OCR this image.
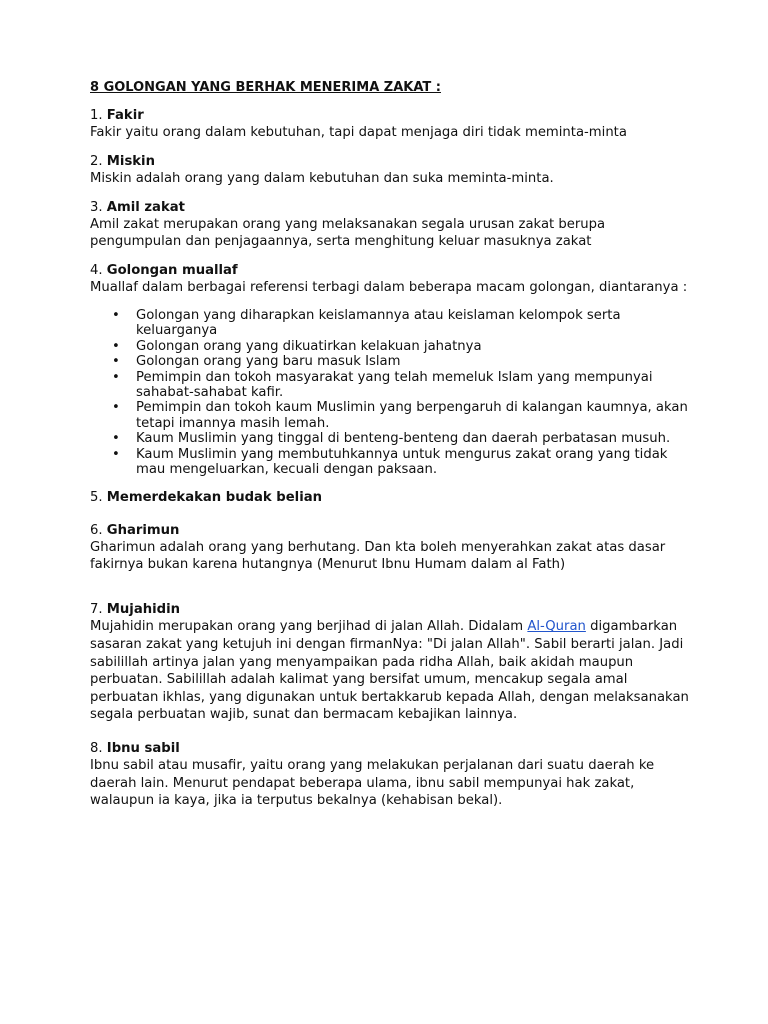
8 GOLONGAN YANG BERHAK MENERIMA ZAKAT :

1. Fakir

Fakir yaitu orang dalam kebutuhan, tapi dapat menjaga diri tidak meminta-minta

2. Miskin

Miskin adalah orang yang dalam kebutuhan dan suka meminta-minta.

3. Amil zakat

Amil zakat merupakan orang yang melaksanakan segala urusan zakat berupa pengumpulan dan penjagaannya, serta menghitung keluar masuknya zakat

4. Golongan muallaf

Muallaf dalam berbagai referensi terbagi dalam beberapa macam golongan, diantaranya :

• Golongan yang diharapkan keislamannya atau keislaman kelompok serta keluarganya
• Golongan orang yang dikuatirkan kelakuan jahatnya
• Golongan orang yang baru masuk Islam
• Pemimpin dan tokoh masyarakat yang telah memeluk Islam yang mempunyai sahabat-sahabat kafir.
• Pemimpin dan tokoh kaum Muslimin yang berpengaruh di kalangan kaumnya, akan tetapi imannya masih lemah.
• Kaum Muslimin yang tinggal di benteng-benteng dan daerah perbatasan musuh.
• Kaum Muslimin yang membutuhkannya untuk mengurus zakat orang yang tidak mau mengeluarkan, kecuali dengan paksaan.

5. Memerdekakan budak belian

6. Gharimun

Gharimun adalah orang yang berhutang. Dan kta boleh menyerahkan zakat atas dasar fakirnya bukan karena hutangnya (Menurut Ibnu Humam dalam al Fath)

7. Mujahidin

Mujahidin merupakan orang yang berjihad di jalan Allah. Didalam Al-Quran digambarkan sasaran zakat yang ketujuh ini dengan firmanNya: "Di jalan Allah". Sabil berarti jalan. Jadi sabilillah artinya jalan yang menyampaikan pada ridha Allah, baik akidah maupun perbuatan. Sabilillah adalah kalimat yang bersifat umum, mencakup segala amal perbuatan ikhlas, yang digunakan untuk bertakkarub kepada Allah, dengan melaksanakan segala perbuatan wajib, sunat dan bermacam kebajikan lainnya.

8. Ibnu sabil

Ibnu sabil atau musafir, yaitu orang yang melakukan perjalanan dari suatu daerah ke daerah lain. Menurut pendapat beberapa ulama, ibnu sabil mempunyai hak zakat, walaupun ia kaya, jika ia terputus bekalnya (kehabisan bekal).
